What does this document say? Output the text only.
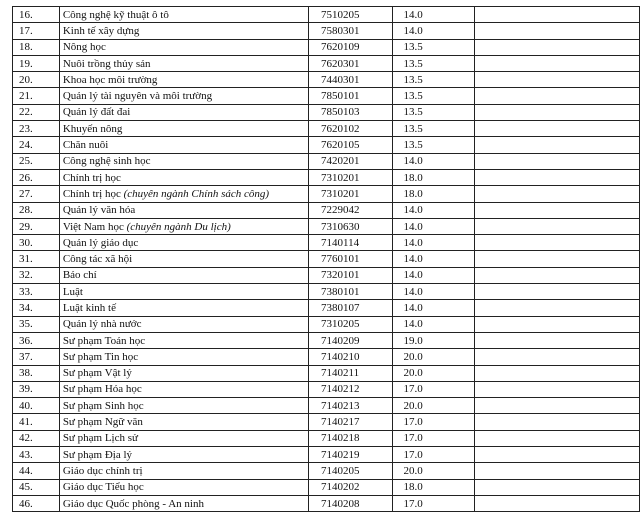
16.	Công nghệ kỹ thuật ô tô	7510205	14.0	
17.	Kinh tế xây dựng	7580301	14.0	
18.	Nông học	7620109	13.5	
19.	Nuôi trồng thủy sản	7620301	13.5	
20.	Khoa học môi trường	7440301	13.5	
21.	Quản lý tài nguyên và môi trường	7850101	13.5	
22.	Quản lý đất đai	7850103	13.5	
23.	Khuyến nông	7620102	13.5	
24.	Chăn nuôi	7620105	13.5	
25.	Công nghệ sinh học	7420201	14.0	
26.	Chính trị học	7310201	18.0	
27.	Chính trị học (chuyên ngành Chính sách công)	7310201	18.0	
28.	Quản lý văn hóa	7229042	14.0	
29.	Việt Nam học (chuyên ngành Du lịch)	7310630	14.0	
30.	Quản lý giáo dục	7140114	14.0	
31.	Công tác xã hội	7760101	14.0	
32.	Báo chí	7320101	14.0	
33.	Luật	7380101	14.0	
34.	Luật kinh tế	7380107	14.0	
35.	Quản lý nhà nước	7310205	14.0	
36.	Sư phạm Toán học	7140209	19.0	
37.	Sư phạm Tin học	7140210	20.0	
38.	Sư phạm Vật lý	7140211	20.0	
39.	Sư phạm Hóa học	7140212	17.0	
40.	Sư phạm Sinh học	7140213	20.0	
41.	Sư phạm Ngữ văn	7140217	17.0	
42.	Sư phạm Lịch sử	7140218	17.0	
43.	Sư phạm Địa lý	7140219	17.0	
44.	Giáo dục chính trị	7140205	20.0	
45.	Giáo dục Tiểu học	7140202	18.0	
46.	Giáo dục Quốc phòng - An ninh	7140208	17.0	
